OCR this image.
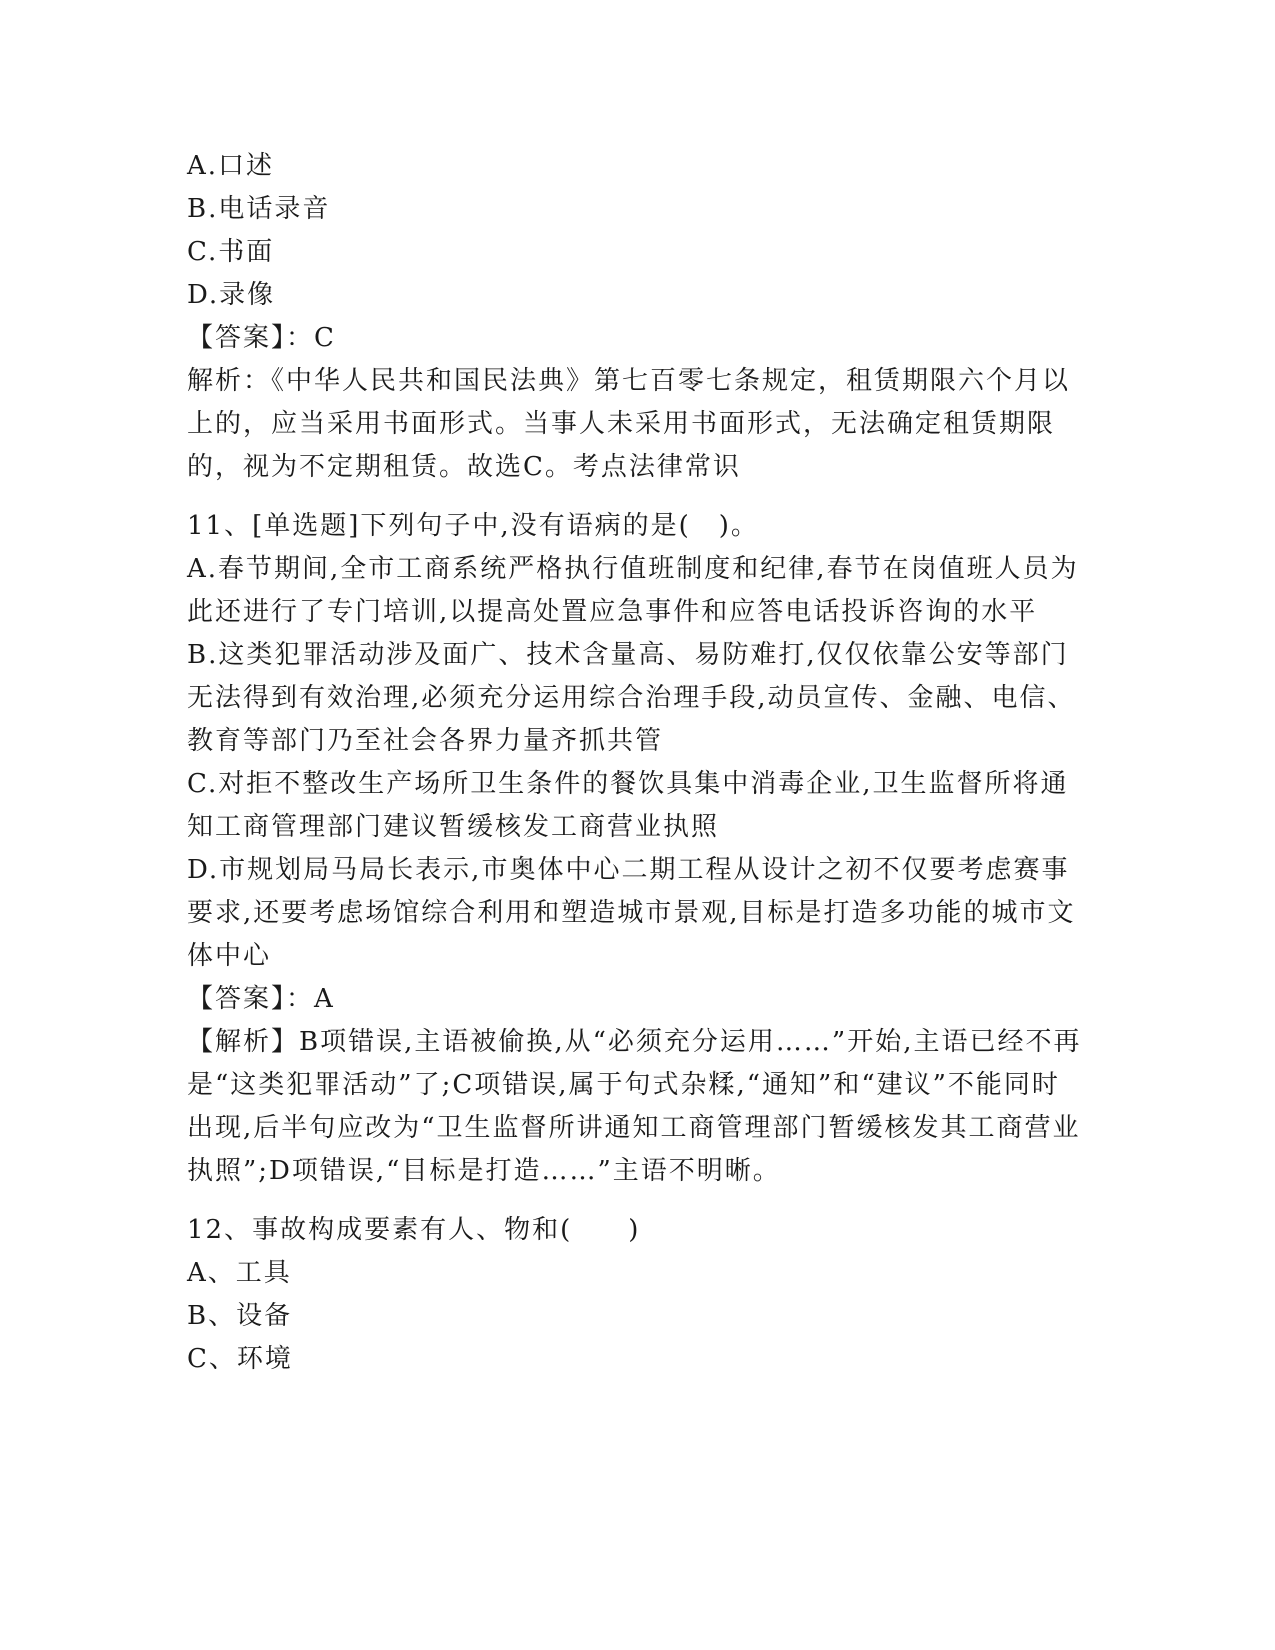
A.口述
B.电话录音
C.书面
D.录像
【答案】：C
解析：《中华人民共和国民法典》第七百零七条规定，租赁期限六个月以上的，应当采用书面形式。当事人未采用书面形式，无法确定租赁期限的，视为不定期租赁。故选C。考点法律常识
11、[单选题]下列句子中,没有语病的是(　)。
A.春节期间,全市工商系统严格执行值班制度和纪律,春节在岗值班人员为此还进行了专门培训,以提高处置应急事件和应答电话投诉咨询的水平
B.这类犯罪活动涉及面广、技术含量高、易防难打,仅仅依靠公安等部门无法得到有效治理,必须充分运用综合治理手段,动员宣传、金融、电信、教育等部门乃至社会各界力量齐抓共管
C.对拒不整改生产场所卫生条件的餐饮具集中消毒企业,卫生监督所将通知工商管理部门建议暂缓核发工商营业执照
D.市规划局马局长表示,市奥体中心二期工程从设计之初不仅要考虑赛事要求,还要考虑场馆综合利用和塑造城市景观,目标是打造多功能的城市文体中心
【答案】：A
【解析】B项错误,主语被偷换,从“必须充分运用……”开始,主语已经不再是“这类犯罪活动”了;C项错误,属于句式杂糅,“通知”和“建议”不能同时出现,后半句应改为“卫生监督所讲通知工商管理部门暂缓核发其工商营业执照”;D项错误,“目标是打造……”主语不明晰。
12、事故构成要素有人、物和(　　)
A、工具
B、设备
C、环境
